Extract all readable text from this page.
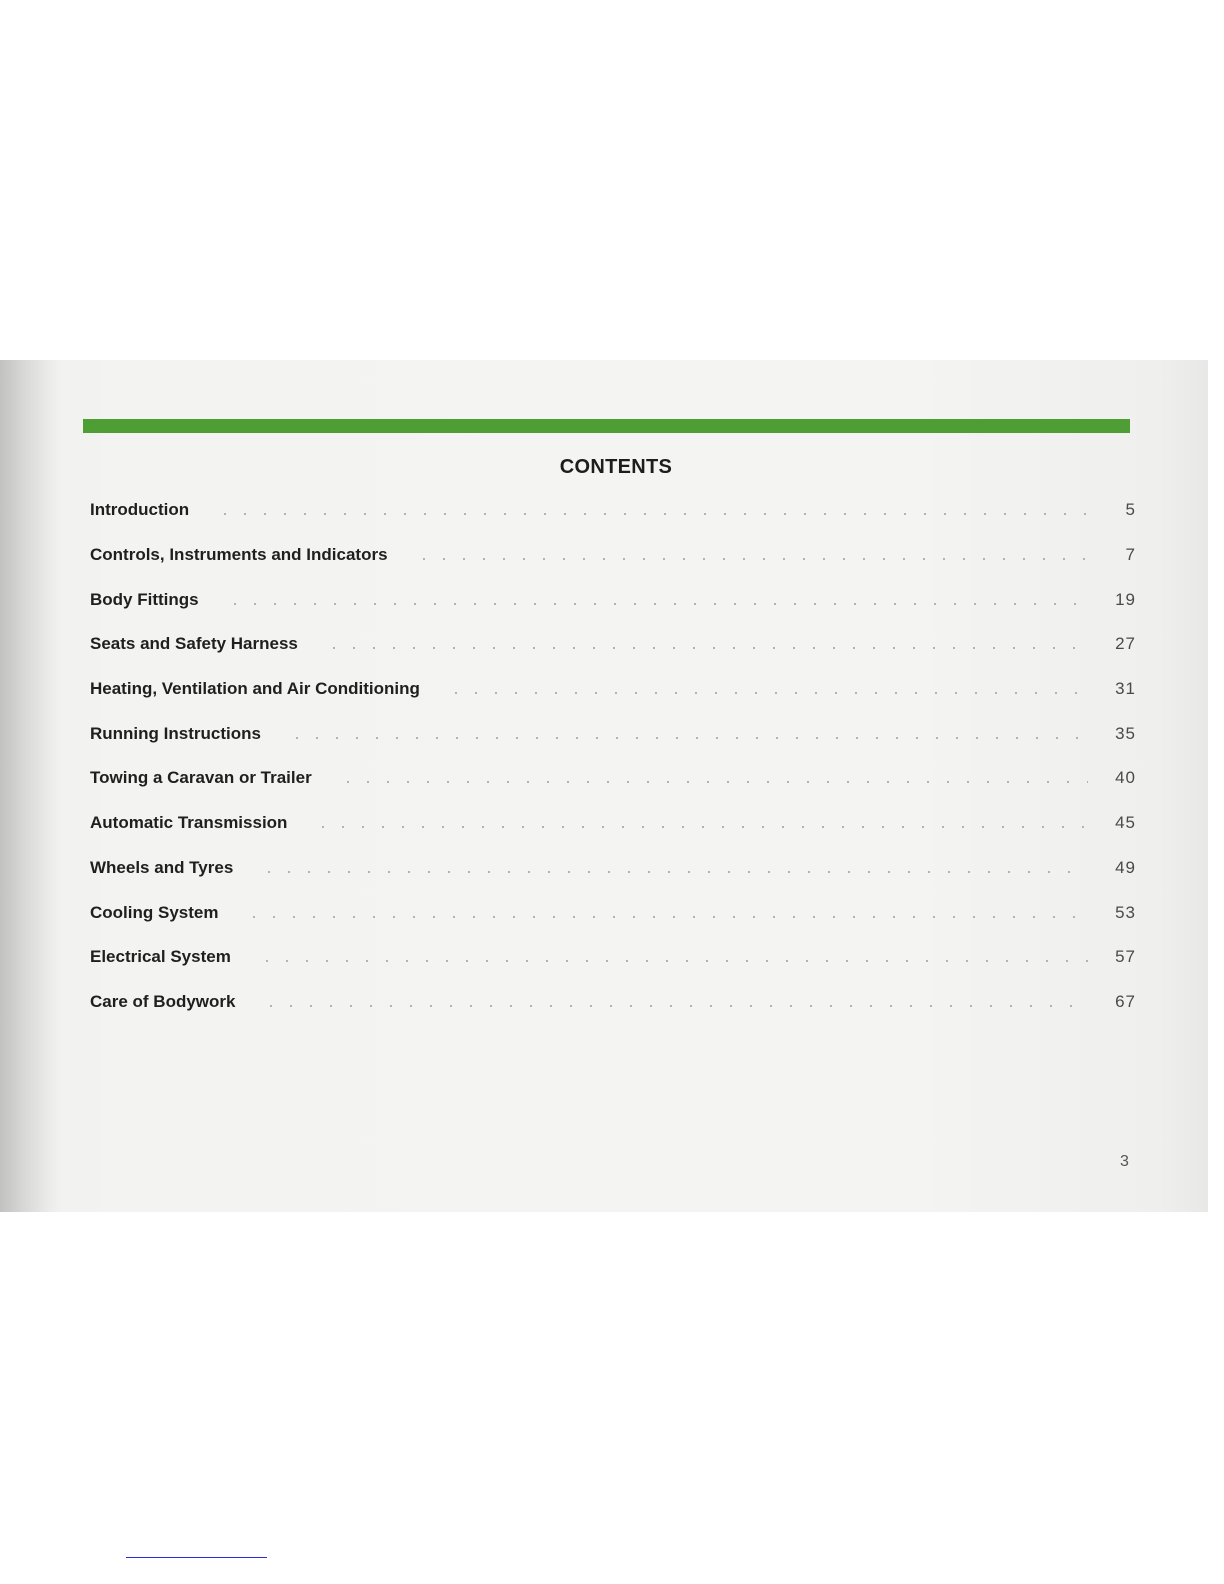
CONTENTS
Introduction	5
Controls, Instruments and Indicators	7
Body Fittings	19
Seats and Safety Harness	27
Heating, Ventilation and Air Conditioning	31
Running Instructions	35
Towing a Caravan or Trailer	40
Automatic Transmission	45
Wheels and Tyres	49
Cooling System	53
Electrical System	57
Care of Bodywork	67
3
